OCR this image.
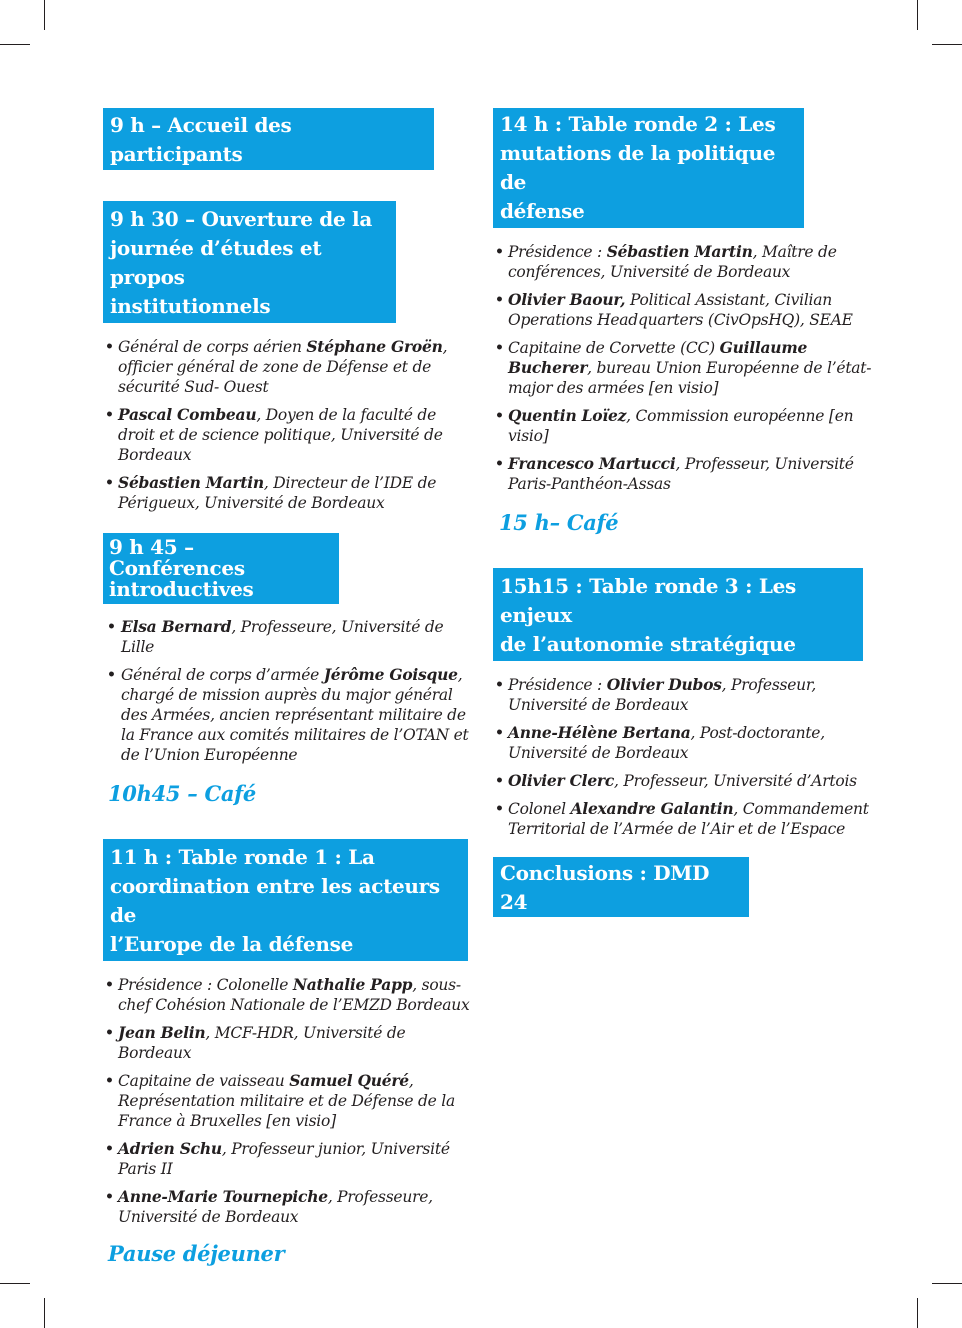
9 h – Accueil des participants
9 h 30 – Ouverture de la
journée d’études et propos
institutionnels
• Général de corps aérien Stéphane Groën, officier général de zone de Défense et de sécurité Sud- Ouest
• Pascal Combeau, Doyen de la faculté de droit et de science politique, Université de Bordeaux
• Sébastien Martin, Directeur de l’IDE de Périgueux, Université de Bordeaux
9 h 45 – Conférences
introductives
• Elsa Bernard, Professeure, Université de Lille
• Général de corps d’armée Jérôme Goisque, chargé de mission auprès du major général des Armées, ancien représentant militaire de la France aux comités militaires de l’OTAN et de l’Union Européenne
10h45 – Café
11 h : Table ronde 1 : La
coordination entre les acteurs de
l’Europe de la défense
• Présidence : Colonelle Nathalie Papp, sous-chef Cohésion Nationale de l’EMZD Bordeaux
• Jean Belin, MCF-HDR, Université de Bordeaux
• Capitaine de vaisseau Samuel Quéré, Représentation militaire et de Défense de la France à Bruxelles [en visio]
• Adrien Schu, Professeur junior, Université Paris II
• Anne-Marie Tournepiche, Professeure, Université de Bordeaux
Pause déjeuner
14 h : Table ronde 2 : Les
mutations de la politique de
défense
• Présidence : Sébastien Martin, Maître de conférences, Université de Bordeaux
• Olivier Baour, Political Assistant, Civilian Operations Headquarters (CivOpsHQ), SEAE
• Capitaine de Corvette (CC) Guillaume Bucherer, bureau Union Européenne de l’état-major des armées [en visio]
• Quentin Loïez, Commission européenne [en visio]
• Francesco Martucci, Professeur, Université Paris-Panthéon-Assas
15 h– Café
15h15 : Table ronde 3 : Les enjeux
de l’autonomie stratégique
• Présidence : Olivier Dubos, Professeur, Université de Bordeaux
• Anne-Hélène Bertana, Post-doctorante, Université de Bordeaux
• Olivier Clerc, Professeur, Université d’Artois
• Colonel Alexandre Galantin, Commandement Territorial de l’Armée de l’Air et de l’Espace
Conclusions : DMD 24
